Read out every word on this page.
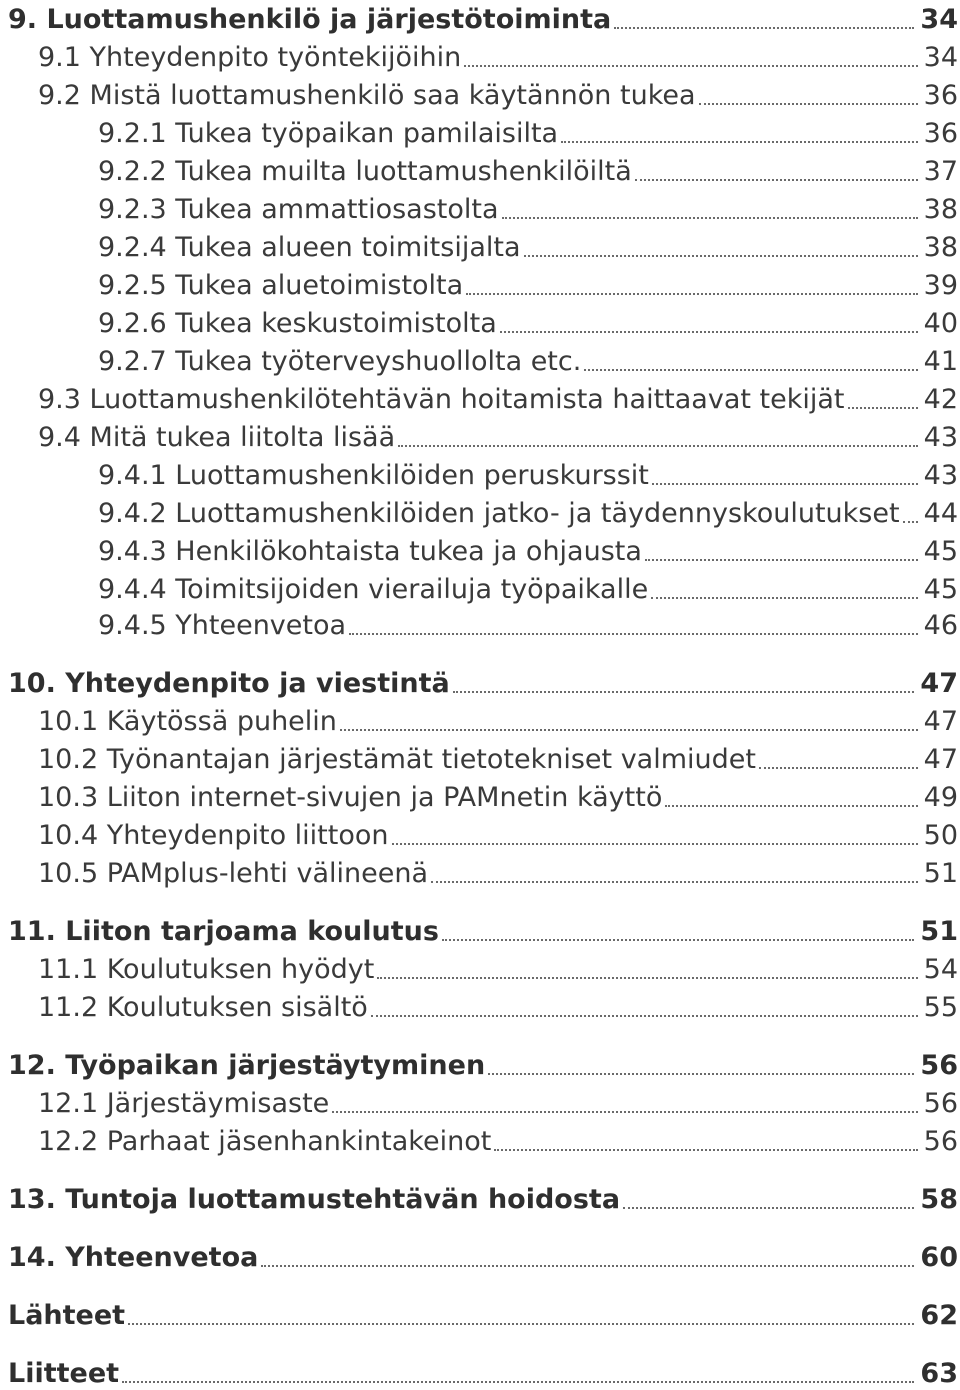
9. Luottamushenkilö ja järjestötoiminta	34
9.1 Yhteydenpito työntekijöihin	34
9.2 Mistä luottamushenkilö saa käytännön tukea	36
9.2.1 Tukea työpaikan pamilaisilta	36
9.2.2 Tukea muilta luottamushenkilöiltä	37
9.2.3 Tukea ammattiosastolta	38
9.2.4 Tukea alueen toimitsijalta	38
9.2.5 Tukea aluetoimistolta	39
9.2.6 Tukea keskustoimistolta	40
9.2.7 Tukea työterveyshuollolta etc.	41
9.3 Luottamushenkilötehtävän hoitamista haittaavat tekijät	42
9.4 Mitä tukea liitolta lisää	43
9.4.1 Luottamushenkilöiden peruskurssit	43
9.4.2 Luottamushenkilöiden jatko- ja täydennyskoulutukset 44
9.4.3 Henkilökohtaista tukea ja ohjausta	45
9.4.4 Toimitsijoiden vierailuja työpaikalle	45
9.4.5 Yhteenvetoa	46
10. Yhteydenpito ja viestintä	47
10.1 Käytössä puhelin	47
10.2 Työnantajan järjestämät tietotekniset valmiudet	47
10.3 Liiton internet-sivujen ja PAMnetin käyttö	49
10.4 Yhteydenpito liittoon	50
10.5 PAMplus-lehti välineenä	51
11. Liiton tarjoama koulutus	51
11.1 Koulutuksen hyödyt	54
11.2 Koulutuksen sisältö	55
12. Työpaikan järjestäytyminen	56
12.1 Järjestäymisaste	56
12.2 Parhaat jäsenhankintakeinot	56
13. Tuntoja luottamustehtävän hoidosta	58
14. Yhteenvetoa	60
Lähteet	62
Liitteet	63
